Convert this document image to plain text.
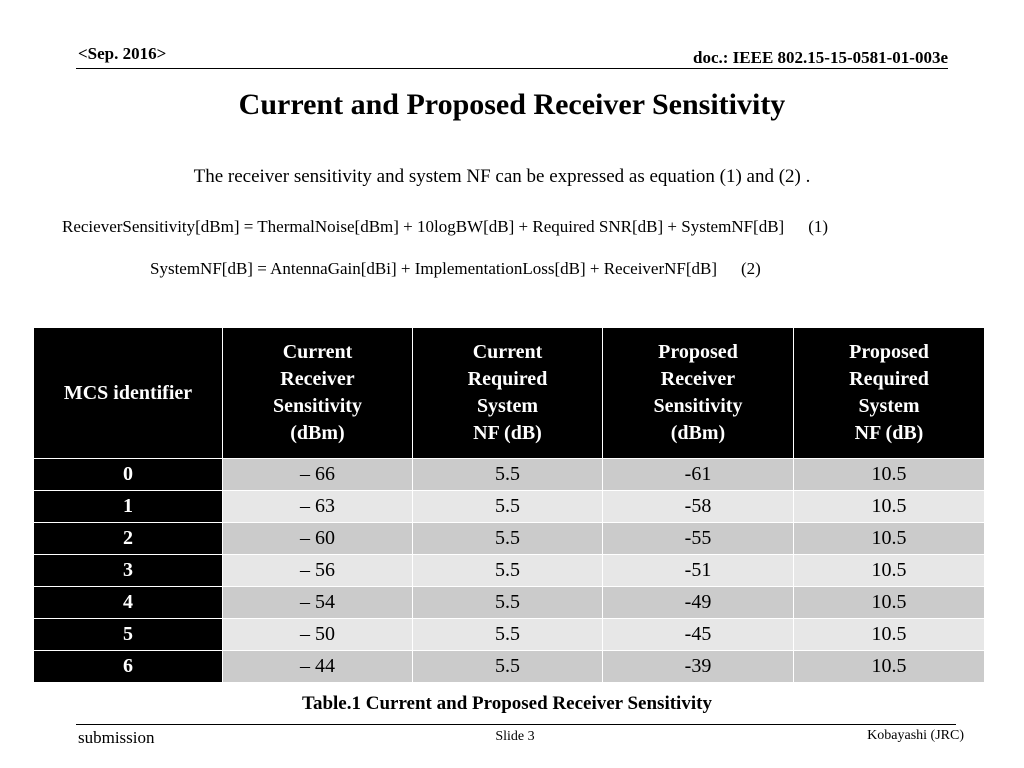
<Sep. 2016>	doc.: IEEE 802.15-15-0581-01-003e
Current and Proposed Receiver Sensitivity
The receiver sensitivity and system NF can be expressed as equation (1) and (2) .
RecieverSensitivity[dBm] = ThermalNoise[dBm] + 10logBW[dB] + Required SNR[dB] + SystemNF[dB] (1)
SystemNF[dB] = AntennaGain[dBi] + ImplementationLoss[dB] + ReceiverNF[dB] (2)
MCS identifier	Current
Receiver
Sensitivity
(dBm)	Current
Required
System
NF (dB)	Proposed
Receiver
Sensitivity
(dBm)	Proposed
Required
System
NF (dB)
0	– 66	5.5	-61	10.5
1	– 63	5.5	-58	10.5
2	– 60	5.5	-55	10.5
3	– 56	5.5	-51	10.5
4	– 54	5.5	-49	10.5
5	– 50	5.5	-45	10.5
6	– 44	5.5	-39	10.5
Table.1 Current and Proposed Receiver Sensitivity
submission	Slide 3	Kobayashi (JRC)
